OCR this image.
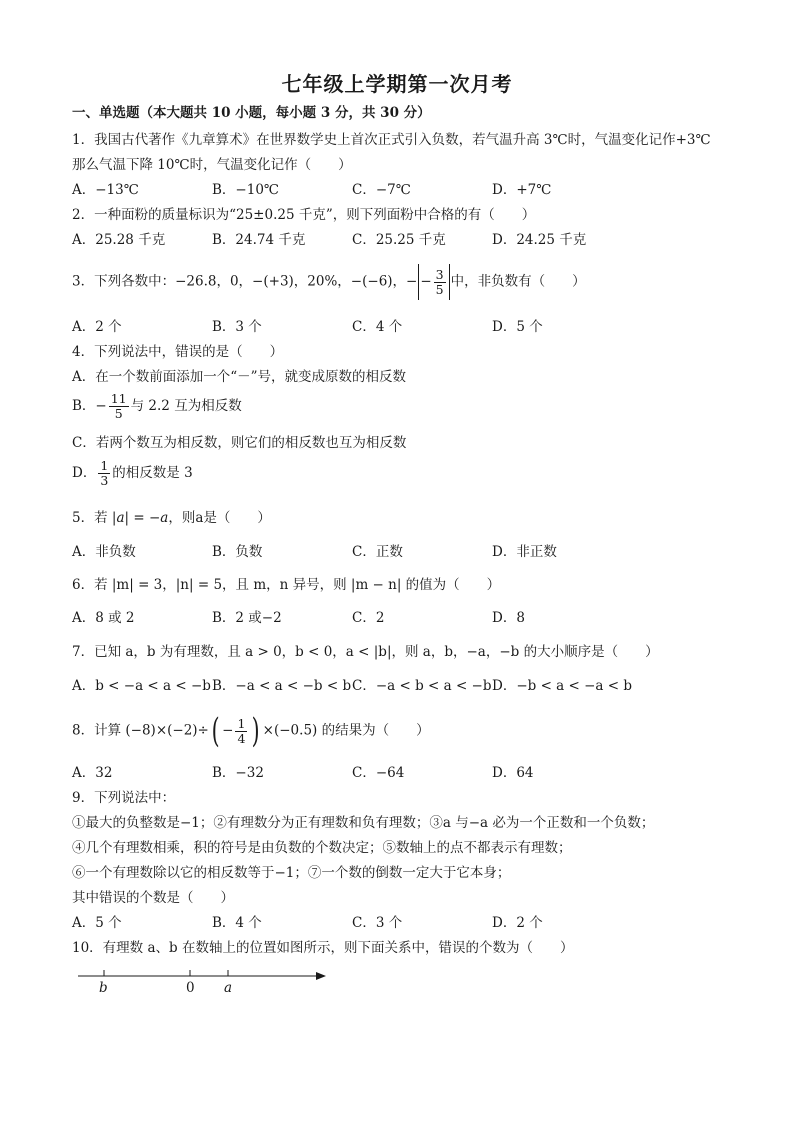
七年级上学期第一次月考
一、单选题（本大题共 10 小题，每小题 3 分，共 30 分）
1．我国古代著作《九章算术》在世界数学史上首次正式引入负数，若气温升高 3℃时，气温变化记作+3℃
那么气温下降 10℃时，气温变化记作（　　）
A．−13℃	B．−10℃	C．−7℃	D．+7℃
2．一种面粉的质量标识为“25±0.25 千克”，则下列面粉中合格的有（　　）
A．25.28 千克	B．24.74 千克	C．25.25 千克	D．24.25 千克
3．下列各数中：−26.8，0，−(+3)，20%，−(−6)，− − $\frac{3}{5}$ 中，非负数有（　　）
A．2 个	B．3 个	C．4 个	D．5 个
4．下列说法中，错误的是（　　）
A．在一个数前面添加一个“－”号，就变成原数的相反数
B．− $\frac{11}{5}$ 与 2.2 互为相反数
C．若两个数互为相反数，则它们的相反数也互为相反数
D． $\frac{1}{3}$ 的相反数是 3
5．若 |a| = −a，则a是（　　）
A．非负数	B．负数	C．正数	D．非正数
6．若 |m| = 3，|n| = 5，且 m，n 异号，则 |m − n| 的值为（　　）
A．8 或 2	B．2 或−2	C．2	D．8
7．已知 a，b 为有理数，且 a > 0，b < 0，a < |b|，则 a，b，−a，−b 的大小顺序是（　　）
A．b < −a < a < −b B．−a < a < −b < b C．−a < b < a < −b D．−b < a < −a < b
8．计算 $(-8)\times(-2)\div( - \frac{1}{4}$ ) ×(−0.5) 的结果为（　　）
A．32	B．−32	C．−64	D．64
9．下列说法中：
①最大的负整数是−1；②有理数分为正有理数和负有理数；③a 与−a 必为一个正数和一个负数；
④几个有理数相乘，积的符号是由负数的个数决定；⑤数轴上的点不都表示有理数；
⑥一个有理数除以它的相反数等于−1；⑦一个数的倒数一定大于它本身；
其中错误的个数是（　　）
A．5 个	B．4 个	C．3 个	D．2 个
10．有理数 a、b 在数轴上的位置如图所示，则下面关系中，错误的个数为（　　）
b	0 a
